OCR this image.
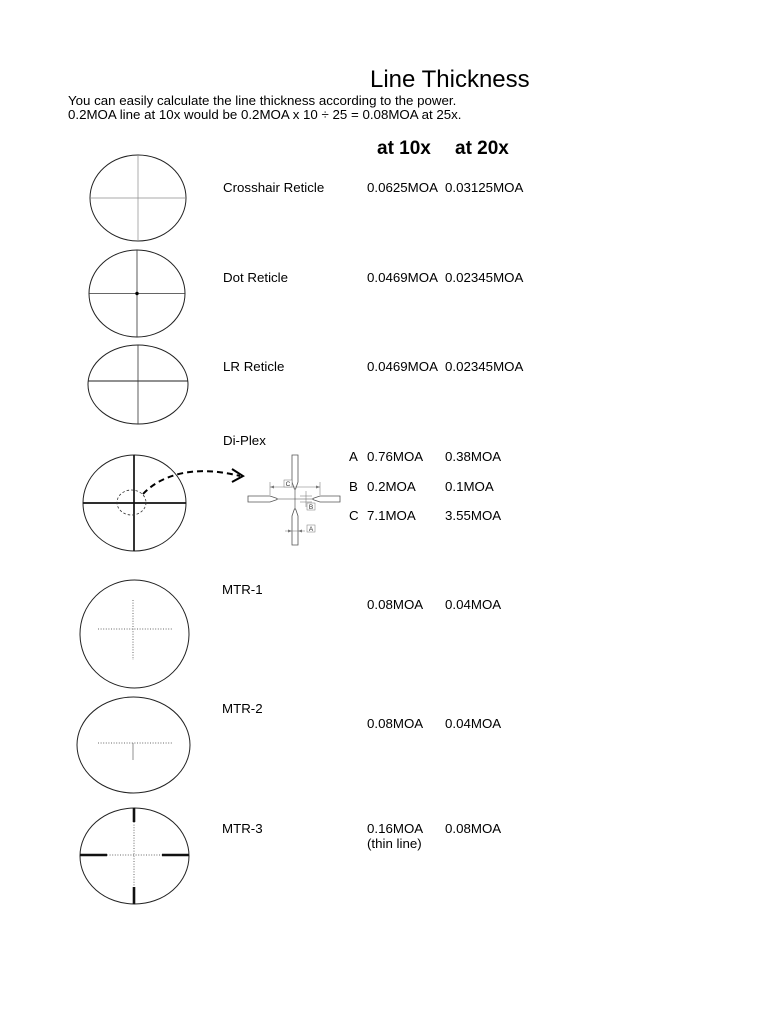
Line Thickness
You can easily calculate the line thickness according to the power.
0.2MOA line at 10x would be 0.2MOA x 10 ÷ 25 = 0.08MOA at 25x.
at 10x at 20x
Crosshair Reticle	0.0625MOA 0.03125MOA
Dot Reticle	0.0469MOA 0.02345MOA
LR Reticle	0.0469MOA 0.02345MOA
Di-Plex
A 0.76MOA 0.38MOA
B 0.2MOA 0.1MOA
C 7.1MOA 3.55MOA
MTR-1
0.08MOA 0.04MOA
MTR-2
0.08MOA 0.04MOA
MTR-3	0.16MOA 0.08MOA
(thin line)
C
B
A
